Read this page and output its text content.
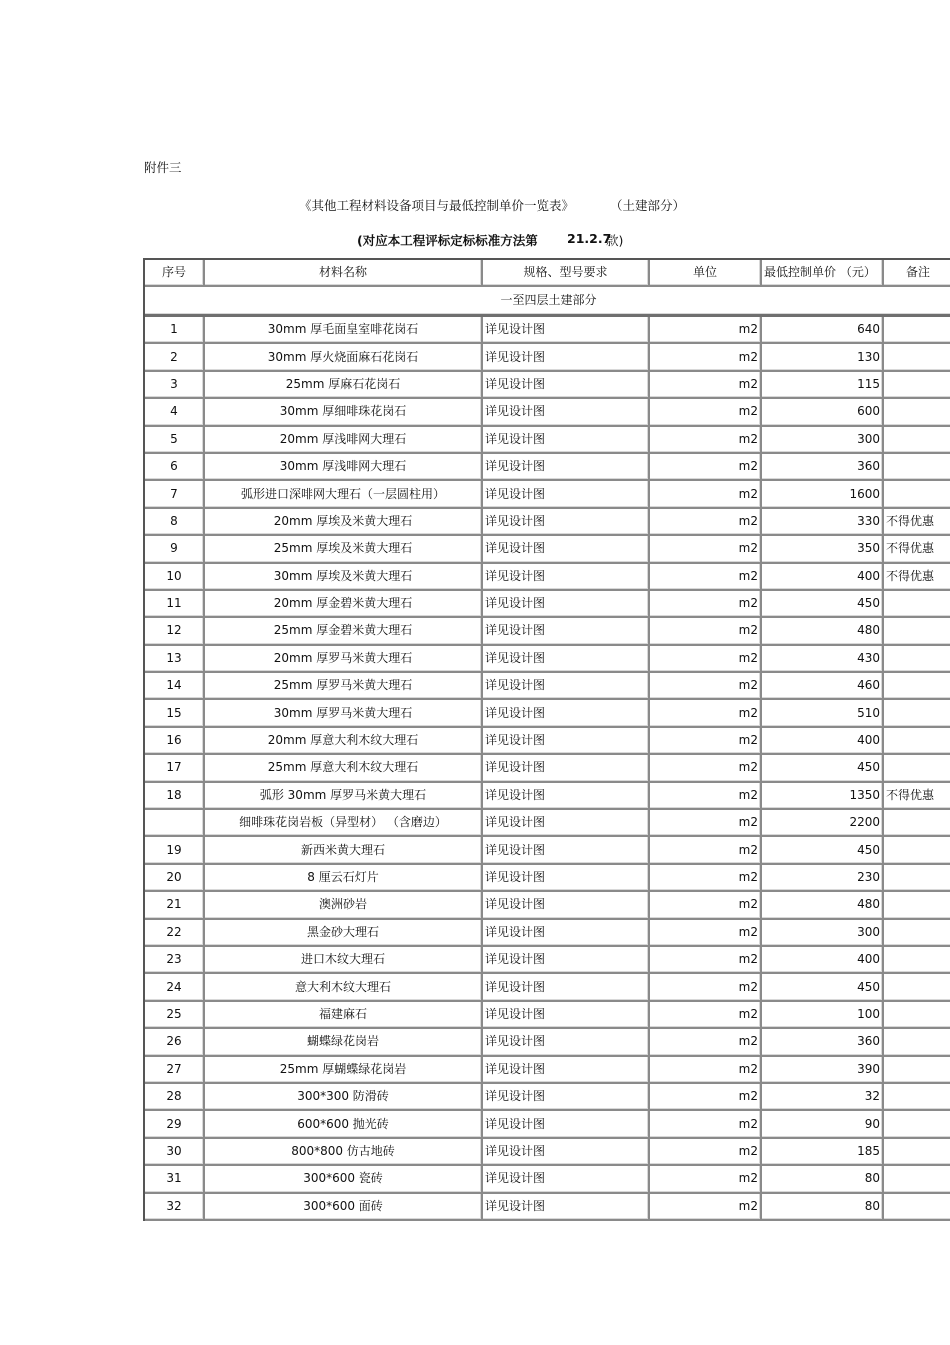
附件三
《其他工程材料设备项目与最低控制单价一览表》	（土建部分）
(对应本工程评标定标标准方法第 21.2.7
款)
序号	材料名称	规格、型号要求	单位	最低控制单价 （元）	备注
一至四层土建部分					
1	30mm 厚毛面皇室啡花岗石	详见设计图	m2	640	
2	30mm 厚火烧面麻石花岗石	详见设计图	m2	130	
3	25mm 厚麻石花岗石	详见设计图	m2	115	
4	30mm 厚细啡珠花岗石	详见设计图	m2	600	
5	20mm 厚浅啡网大理石	详见设计图	m2	300	
6	30mm 厚浅啡网大理石	详见设计图	m2	360	
7	弧形进口深啡网大理石（一层圆柱用）	详见设计图	m2	1600	
8	20mm 厚埃及米黄大理石	详见设计图	m2	330	不得优惠
9	25mm 厚埃及米黄大理石	详见设计图	m2	350	不得优惠
10	30mm 厚埃及米黄大理石	详见设计图	m2	400	不得优惠
11	20mm 厚金碧米黄大理石	详见设计图	m2	450	
12	25mm 厚金碧米黄大理石	详见设计图	m2	480	
13	20mm 厚罗马米黄大理石	详见设计图	m2	430	
14	25mm 厚罗马米黄大理石	详见设计图	m2	460	
15	30mm 厚罗马米黄大理石	详见设计图	m2	510	
16	20mm 厚意大利木纹大理石	详见设计图	m2	400	
17	25mm 厚意大利木纹大理石	详见设计图	m2	450	
18	弧形 30mm 厚罗马米黄大理石	详见设计图	m2	1350	不得优惠
	细啡珠花岗岩板（异型材） （含磨边）	详见设计图	m2	2200	
19	新西米黄大理石	详见设计图	m2	450	
20	8 厘云石灯片	详见设计图	m2	230	
21	澳洲砂岩	详见设计图	m2	480	
22	黑金砂大理石	详见设计图	m2	300	
23	进口木纹大理石	详见设计图	m2	400	
24	意大利木纹大理石	详见设计图	m2	450	
25	福建麻石	详见设计图	m2	100	
26	蝴蝶绿花岗岩	详见设计图	m2	360	
27	25mm 厚蝴蝶绿花岗岩	详见设计图	m2	390	
28	300*300 防滑砖	详见设计图	m2	32	
29	600*600 抛光砖	详见设计图	m2	90	
30	800*800 仿古地砖	详见设计图	m2	185	
31	300*600 瓷砖	详见设计图	m2	80	
32	300*600 面砖	详见设计图	m2	80	
